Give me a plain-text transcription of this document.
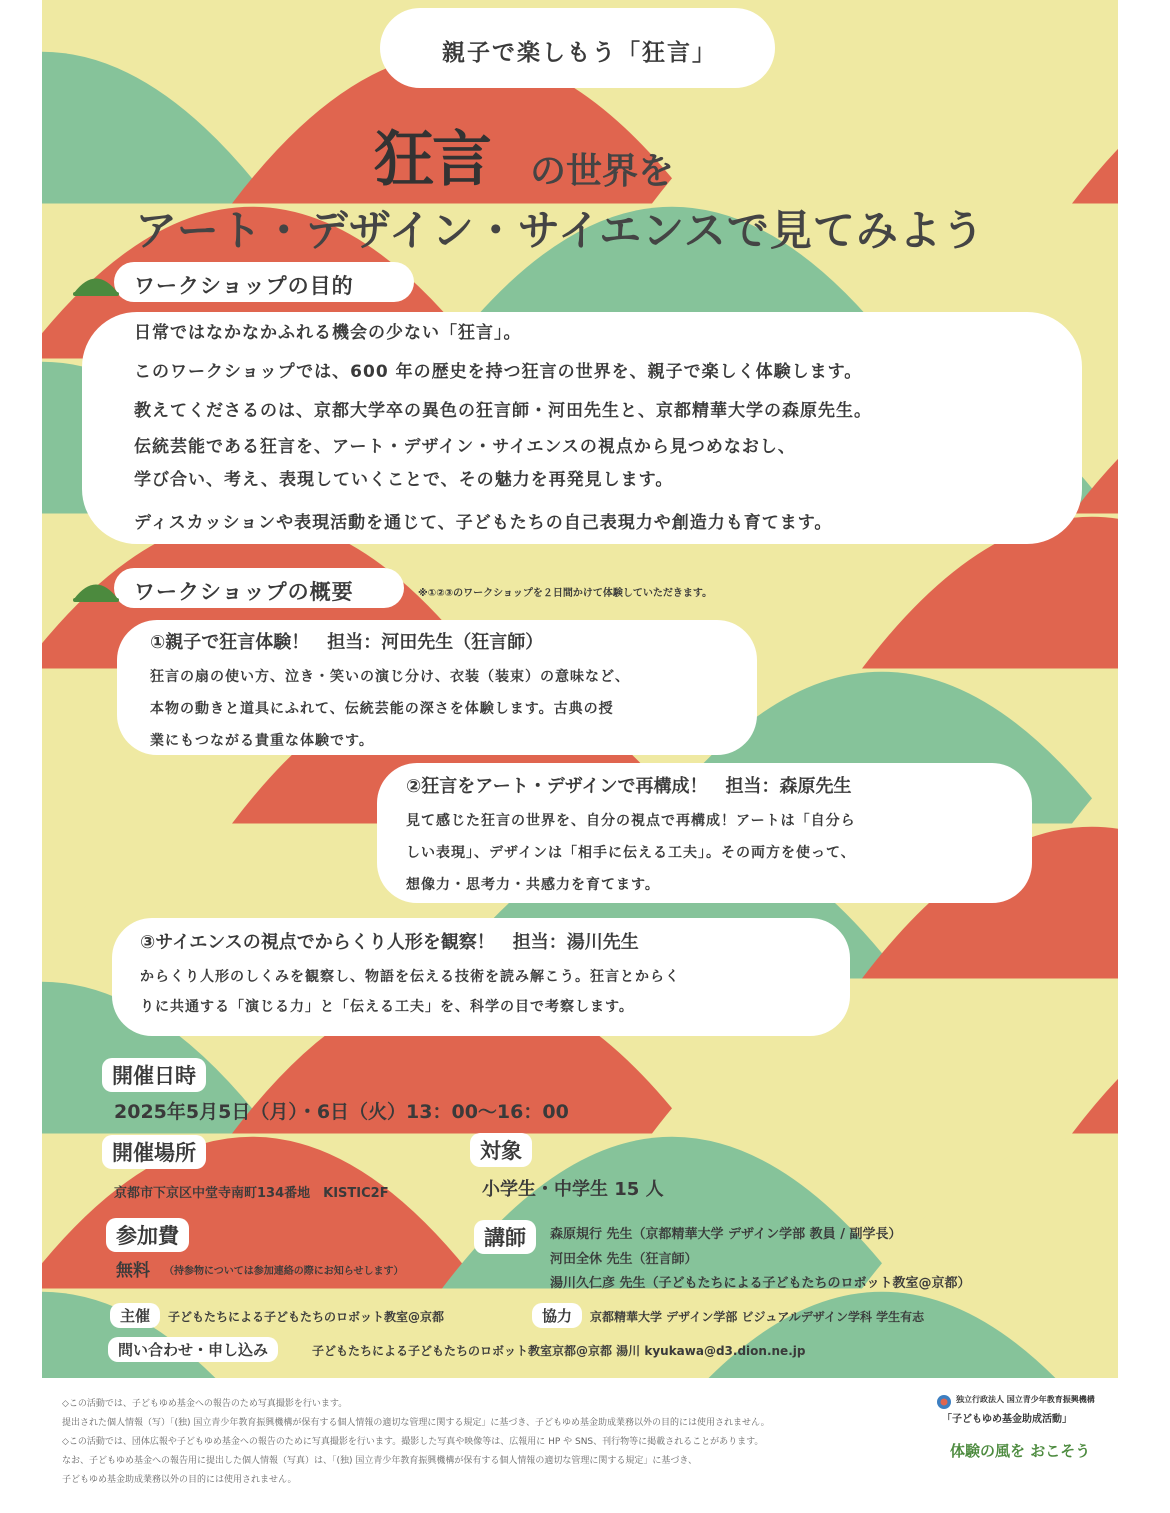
親子で楽しもう「狂言」
狂言 の世界を
アート・デザイン・サイエンスで見てみよう
ワークショップの目的
日常ではなかなかふれる機会の少ない「狂言」。
このワークショップでは、600 年の歴史を持つ狂言の世界を、親子で楽しく体験します。
教えてくださるのは、京都大学卒の異色の狂言師・河田先生と、京都精華大学の森原先生。
伝統芸能である狂言を、アート・デザイン・サイエンスの視点から見つめなおし、
学び合い、考え、表現していくことで、その魅力を再発見します。
ディスカッションや表現活動を通じて、子どもたちの自己表現力や創造力も育てます。
ワークショップの概要	※①②③のワークショップを２日間かけて体験していただきます。
①親子で狂言体験！　担当：河田先生（狂言師）
狂言の扇の使い方、泣き・笑いの演じ分け、衣装（装束）の意味など、
本物の動きと道具にふれて、伝統芸能の深さを体験します。古典の授
業にもつながる貴重な体験です。
②狂言をアート・デザインで再構成！　担当：森原先生
見て感じた狂言の世界を、自分の視点で再構成！アートは「自分ら
しい表現」、デザインは「相手に伝える工夫」。その両方を使って、
想像力・思考力・共感力を育てます。
③サイエンスの視点でからくり人形を観察！　担当：湯川先生
からくり人形のしくみを観察し、物語を伝える技術を読み解こう。狂言とからく
りに共通する「演じる力」と「伝える工夫」を、科学の目で考察します。
開催日時
2025年5月5日（月）・6日（火）13：00〜16：00
開催場所
京都市下京区中堂寺南町134番地　KISTIC2F
対象
小学生・中学生 15 人
参加費
無料 （持参物については参加連絡の際にお知らせします）
講師	森原規行 先生（京都精華大学 デザイン学部 教員 / 副学長）
河田全休 先生（狂言師）
湯川久仁彦 先生（子どもたちによる子どもたちのロボット教室@京都）
主催	子どもたちによる子どもたちのロボット教室@京都	協力	京都精華大学 デザイン学部 ビジュアルデザイン学科 学生有志
問い合わせ・申し込み	子どもたちによる子どもたちのロボット教室京都@京都 湯川 kyukawa@d3.dion.ne.jp
◇この活動では、子どもゆめ基金への報告のため写真撮影を行います。
提出された個人情報（写）「(独) 国立青少年教育振興機構が保有する個人情報の適切な管理に関する規定」に基づき、子どもゆめ基金助成業務以外の目的には使用されません。
◇この活動では、団体広報や子どもゆめ基金への報告のために写真撮影を行います。撮影した写真や映像等は、広報用に HP や SNS、刊行物等に掲載されることがあります。
なお、子どもゆめ基金への報告用に提出した個人情報（写真）は、「(独) 国立青少年教育振興機構が保有する個人情報の適切な管理に関する規定」に基づき、
子どもゆめ基金助成業務以外の目的には使用されません。
独立行政法人 国立青少年教育振興機構
「子どもゆめ基金助成活動」
体験の風を おこそう
